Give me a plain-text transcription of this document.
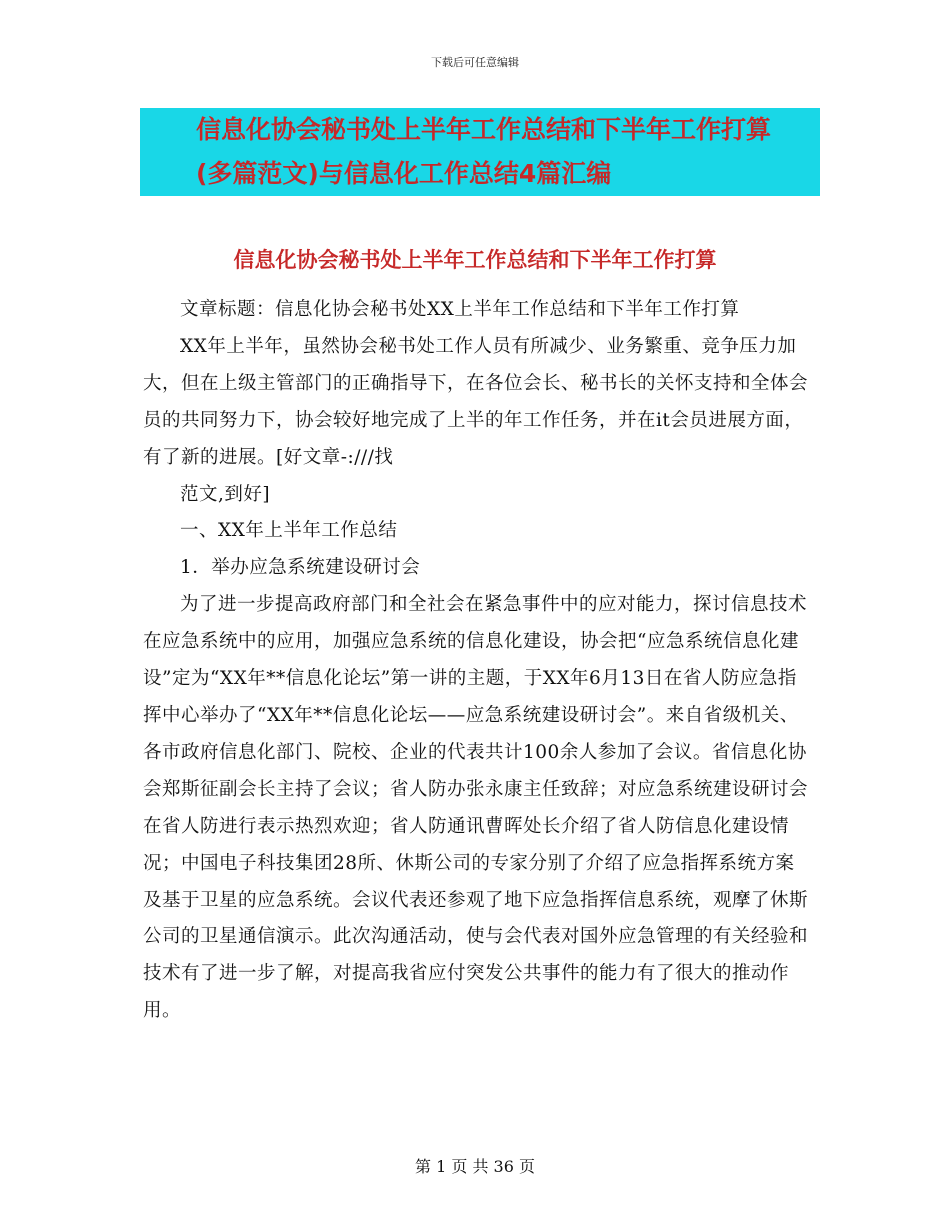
下载后可任意编辑
信息化协会秘书处上半年工作总结和下半年工作打算
(多篇范文)与信息化工作总结4篇汇编
信息化协会秘书处上半年工作总结和下半年工作打算

文章标题：信息化协会秘书处XX上半年工作总结和下半年工作打算

XX年上半年，虽然协会秘书处工作人员有所减少、业务繁重、竞争压力加大，但在上级主管部门的正确指导下，在各位会长、秘书长的关怀支持和全体会员的共同努力下，协会较好地完成了上半的年工作任务，并在it会员进展方面，有了新的进展。[好文章-:///找

范文,到好]

一、XX年上半年工作总结

1．举办应急系统建设研讨会

为了进一步提高政府部门和全社会在紧急事件中的应对能力，探讨信息技术在应急系统中的应用，加强应急系统的信息化建设，协会把“应急系统信息化建设”定为“XX年**信息化论坛”第一讲的主题，于XX年6月13日在省人防应急指挥中心举办了“XX年**信息化论坛——应急系统建设研讨会”。来自省级机关、各市政府信息化部门、院校、企业的代表共计100余人参加了会议。省信息化协会郑斯征副会长主持了会议；省人防办张永康主任致辞；对应急系统建设研讨会在省人防进行表示热烈欢迎；省人防通讯曹晖处长介绍了省人防信息化建设情况；中国电子科技集团28所、休斯公司的专家分别了介绍了应急指挥系统方案及基于卫星的应急系统。会议代表还参观了地下应急指挥信息系统，观摩了休斯公司的卫星通信演示。此次沟通活动，使与会代表对国外应急管理的有关经验和技术有了进一步了解，对提高我省应付突发公共事件的能力有了很大的推动作用。

第 1 页 共 36 页
